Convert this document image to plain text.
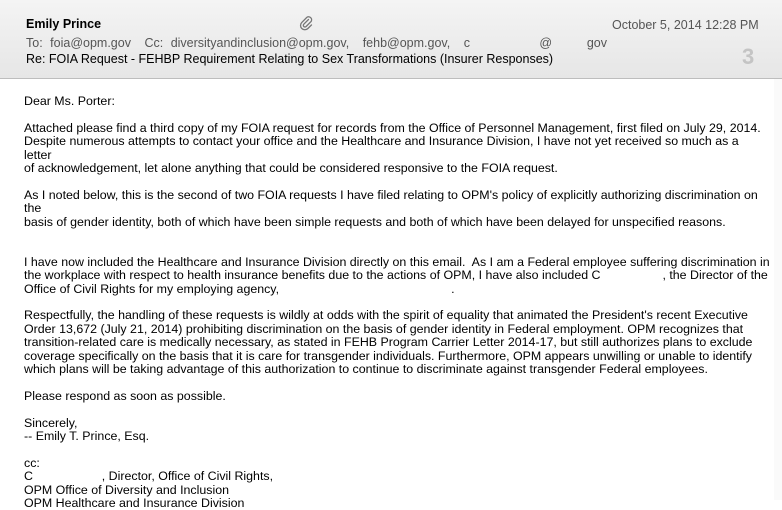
Emily Prince	October 5, 2014 12:28 PM
To: foia@opm.gov Cc: diversityandinclusion@opm.gov, fehb@opm.gov, c                    @          gov
Re: FOIA Request - FEHBP Requirement Relating to Sex Transformations (Insurer Responses)	3

Dear Ms. Porter:

Attached please find a third copy of my FOIA request for records from the Office of Personnel Management, first filed on July 29, 2014.
Despite numerous attempts to contact your office and the Healthcare and Insurance Division, I have not yet received so much as a letter
of acknowledgement, let alone anything that could be considered responsive to the FOIA request.

As I noted below, this is the second of two FOIA requests I have filed relating to OPM's policy of explicitly authorizing discrimination on the
basis of gender identity, both of which have been simple requests and both of which have been delayed for unspecified reasons.

I have now included the Healthcare and Insurance Division directly on this email.  As I am a Federal employee suffering discrimination in
the workplace with respect to health insurance benefits due to the actions of OPM, I have also included C                  , the Director of the
Office of Civil Rights for my employing agency,                                                  .

Respectfully, the handling of these requests is wildly at odds with the spirit of equality that animated the President's recent Executive
Order 13,672 (July 21, 2014) prohibiting discrimination on the basis of gender identity in Federal employment. OPM recognizes that
transition-related care is medically necessary, as stated in FEHB Program Carrier Letter 2014-17, but still authorizes plans to exclude
coverage specifically on the basis that it is care for transgender individuals. Furthermore, OPM appears unwilling or unable to identify
which plans will be taking advantage of this authorization to continue to discriminate against transgender Federal employees.

Please respond as soon as possible.

Sincerely,

-- Emily T. Prince, Esq.

cc:

C                    , Director, Office of Civil Rights,

OPM Office of Diversity and Inclusion

OPM Healthcare and Insurance Division
